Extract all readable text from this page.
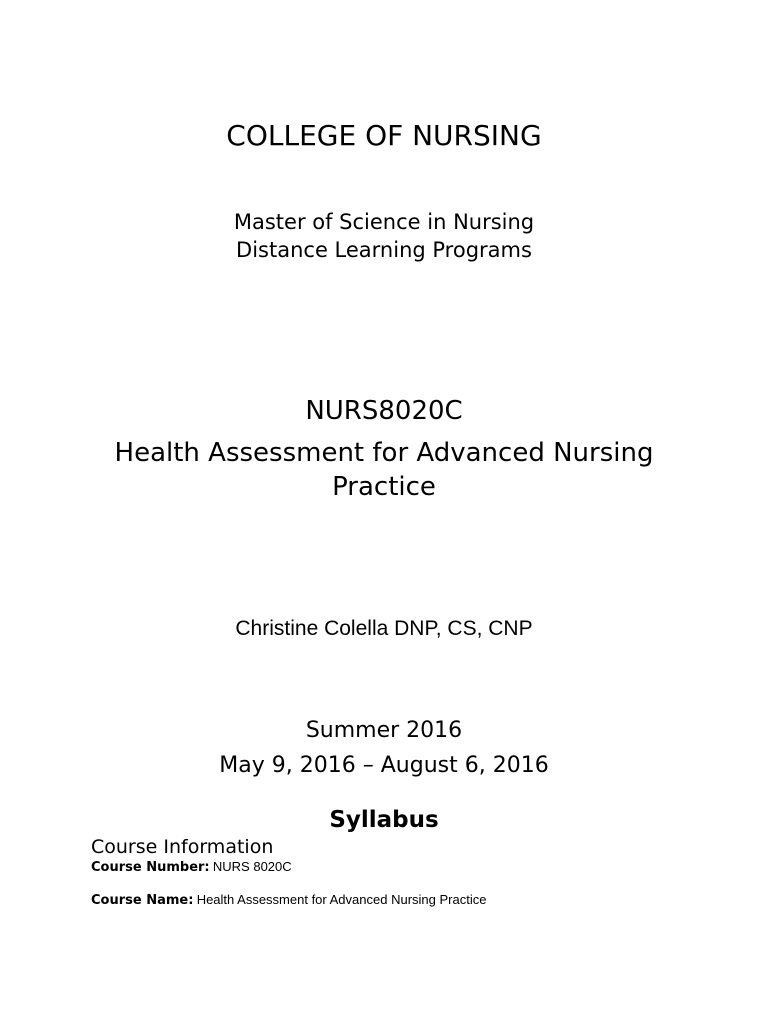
COLLEGE OF NURSING
Master of Science in Nursing
Distance Learning Programs
NURS8020C
Health Assessment for Advanced Nursing
Practice
Christine Colella DNP, CS, CNP
Summer 2016
May 9, 2016 – August 6, 2016
Syllabus
Course Information
Course Number: NURS 8020C
Course Name: Health Assessment for Advanced Nursing Practice
